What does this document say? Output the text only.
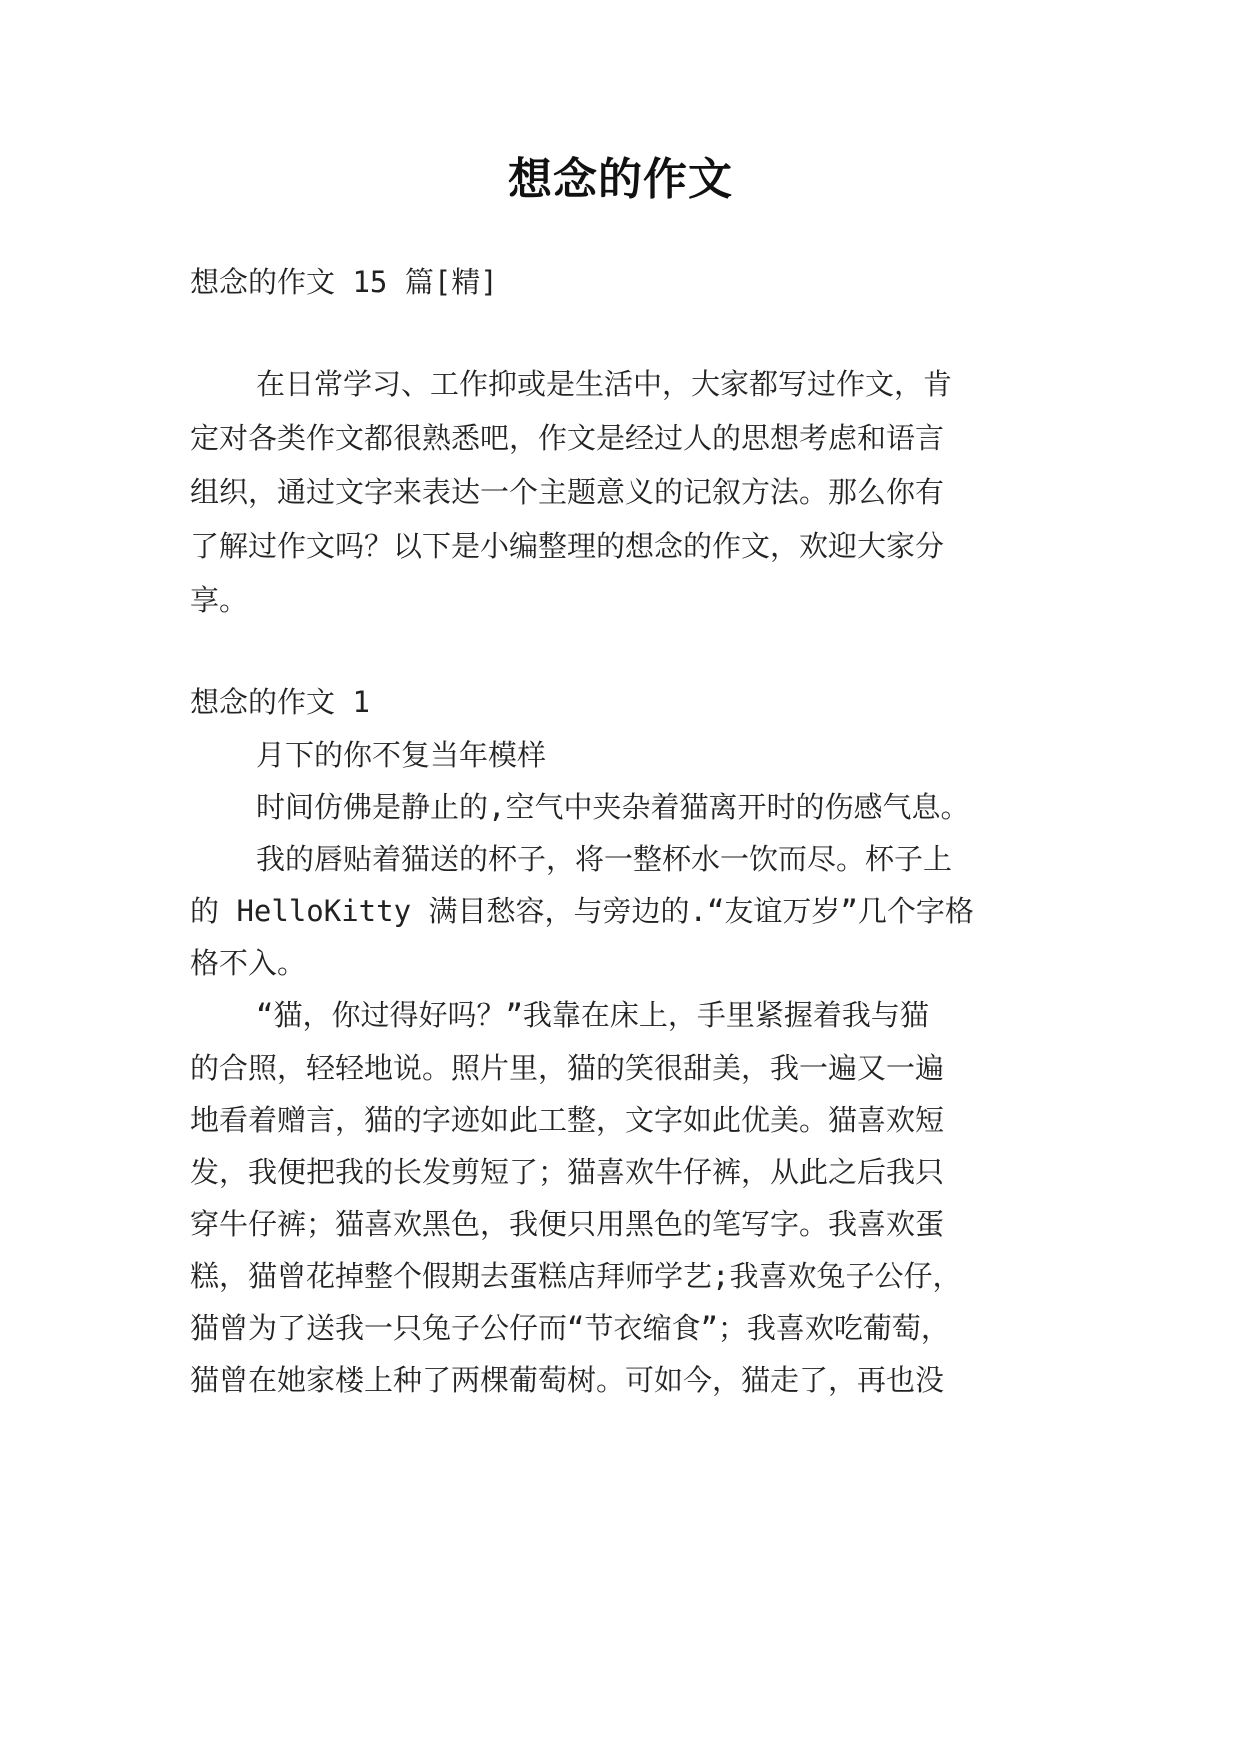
想念的作文
想念的作文 15 篇[精]
在日常学习、工作抑或是生活中，大家都写过作文，肯
定对各类作文都很熟悉吧，作文是经过人的思想考虑和语言
组织，通过文字来表达一个主题意义的记叙方法。那么你有
了解过作文吗？以下是小编整理的想念的作文，欢迎大家分
享。
想念的作文 1
月下的你不复当年模样
时间仿佛是静止的,空气中夹杂着猫离开时的伤感气息。
我的唇贴着猫送的杯子，将一整杯水一饮而尽。杯子上
的 HelloKitty 满目愁容，与旁边的.“友谊万岁”几个字格
格不入。
“猫，你过得好吗？”我靠在床上，手里紧握着我与猫
的合照，轻轻地说。照片里，猫的笑很甜美，我一遍又一遍
地看着赠言，猫的字迹如此工整，文字如此优美。猫喜欢短
发，我便把我的长发剪短了；猫喜欢牛仔裤，从此之后我只
穿牛仔裤；猫喜欢黑色，我便只用黑色的笔写字。我喜欢蛋
糕，猫曾花掉整个假期去蛋糕店拜师学艺;我喜欢兔子公仔，
猫曾为了送我一只兔子公仔而“节衣缩食”；我喜欢吃葡萄，
猫曾在她家楼上种了两棵葡萄树。可如今，猫走了，再也没
